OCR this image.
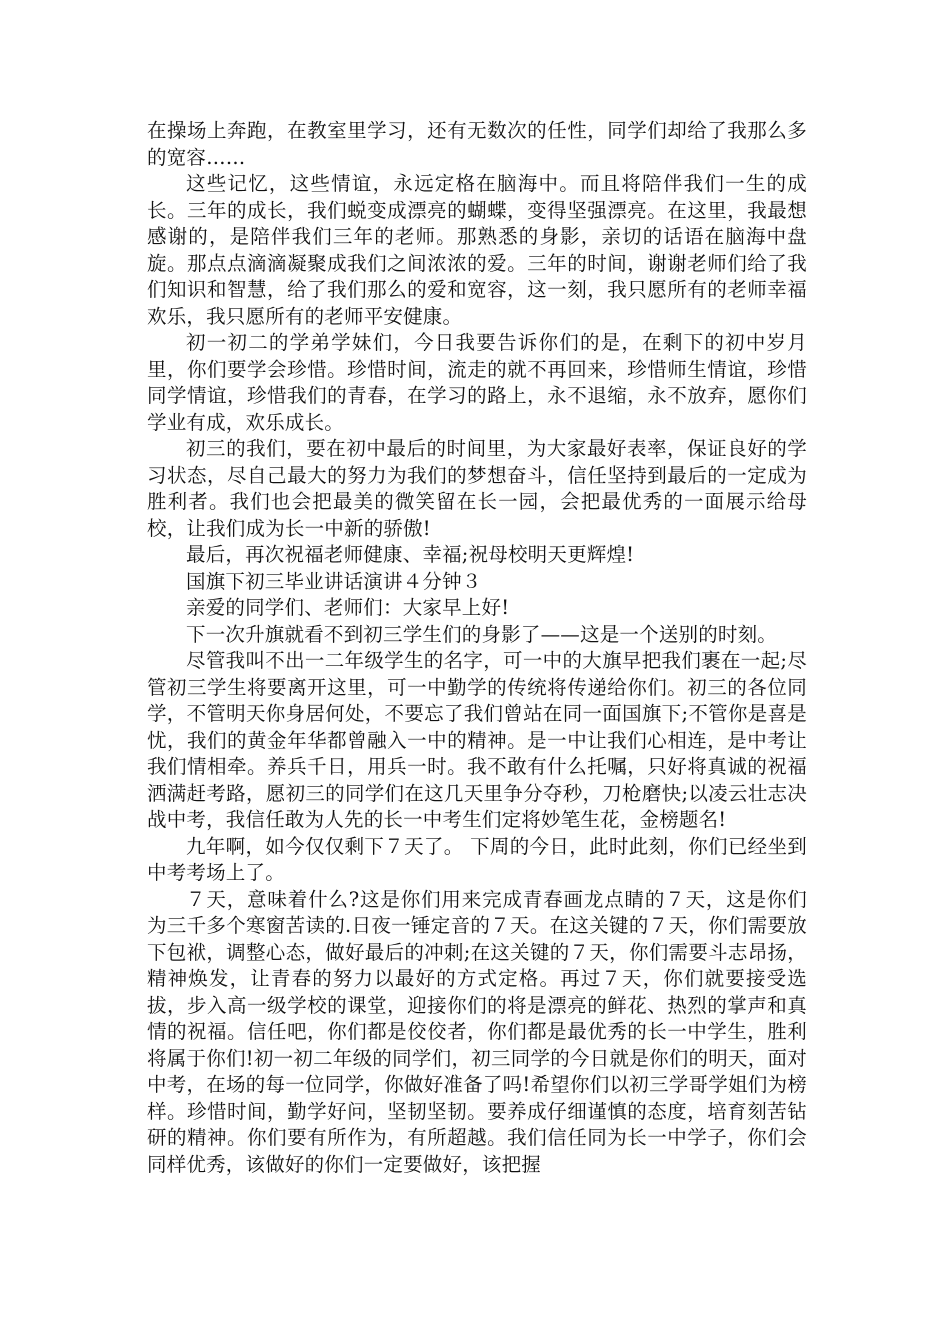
在操场上奔跑，在教室里学习，还有无数次的任性，同学们却给了我那么多的宽容……

这些记忆，这些情谊，永远定格在脑海中。而且将陪伴我们一生的成长。三年的成长，我们蜕变成漂亮的蝴蝶，变得坚强漂亮。在这里，我最想感谢的，是陪伴我们三年的老师。那熟悉的身影，亲切的话语在脑海中盘旋。那点点滴滴凝聚成我们之间浓浓的爱。三年的时间，谢谢老师们给了我们知识和智慧，给了我们那么的爱和宽容，这一刻，我只愿所有的老师幸福欢乐，我只愿所有的老师平安健康。

初一初二的学弟学妹们，今日我要告诉你们的是，在剩下的初中岁月里，你们要学会珍惜。珍惜时间，流走的就不再回来，珍惜师生情谊，珍惜同学情谊，珍惜我们的青春，在学习的路上，永不退缩，永不放弃，愿你们学业有成，欢乐成长。

初三的我们，要在初中最后的时间里，为大家最好表率，保证良好的学习状态，尽自己最大的努力为我们的梦想奋斗，信任坚持到最后的一定成为胜利者。我们也会把最美的微笑留在长一园，会把最优秀的一面展示给母校，让我们成为长一中新的骄傲!

最后，再次祝福老师健康、幸福;祝母校明天更辉煌!

国旗下初三毕业讲话演讲４分钟３

亲爱的同学们、老师们：大家早上好!

下一次升旗就看不到初三学生们的身影了——这是一个送别的时刻。

尽管我叫不出一二年级学生的名字，可一中的大旗早把我们裹在一起;尽管初三学生将要离开这里，可一中勤学的传统将传递给你们。初三的各位同学，不管明天你身居何处，不要忘了我们曾站在同一面国旗下;不管你是喜是忧，我们的黄金年华都曾融入一中的精神。是一中让我们心相连，是中考让我们情相牵。养兵千日，用兵一时。我不敢有什么托嘱，只好将真诚的祝福洒满赶考路，愿初三的同学们在这几天里争分夺秒，刀枪磨快;以凌云壮志决战中考，我信任敢为人先的长一中考生们定将妙笔生花，金榜题名!

九年啊，如今仅仅剩下７天了。 下周的今日，此时此刻，你们已经坐到中考考场上了。

７天，意味着什么?这是你们用来完成青春画龙点睛的７天，这是你们为三千多个寒窗苦读的.日夜一锤定音的７天。在这关键的７天，你们需要放下包袱，调整心态，做好最后的冲刺;在这关键的７天，你们需要斗志昂扬，精神焕发，让青春的努力以最好的方式定格。再过７天，你们就要接受选拔，步入高一级学校的课堂，迎接你们的将是漂亮的鲜花、热烈的掌声和真情的祝福。信任吧，你们都是佼佼者，你们都是最优秀的长一中学生，胜利将属于你们!初一初二年级的同学们，初三同学的今日就是你们的明天，面对中考，在场的每一位同学，你做好准备了吗!希望你们以初三学哥学姐们为榜样。珍惜时间，勤学好问，坚韧坚韧。要养成仔细谨慎的态度，培育刻苦钻研的精神。你们要有所作为，有所超越。我们信任同为长一中学子，你们会同样优秀，该做好的你们一定要做好，该把握
